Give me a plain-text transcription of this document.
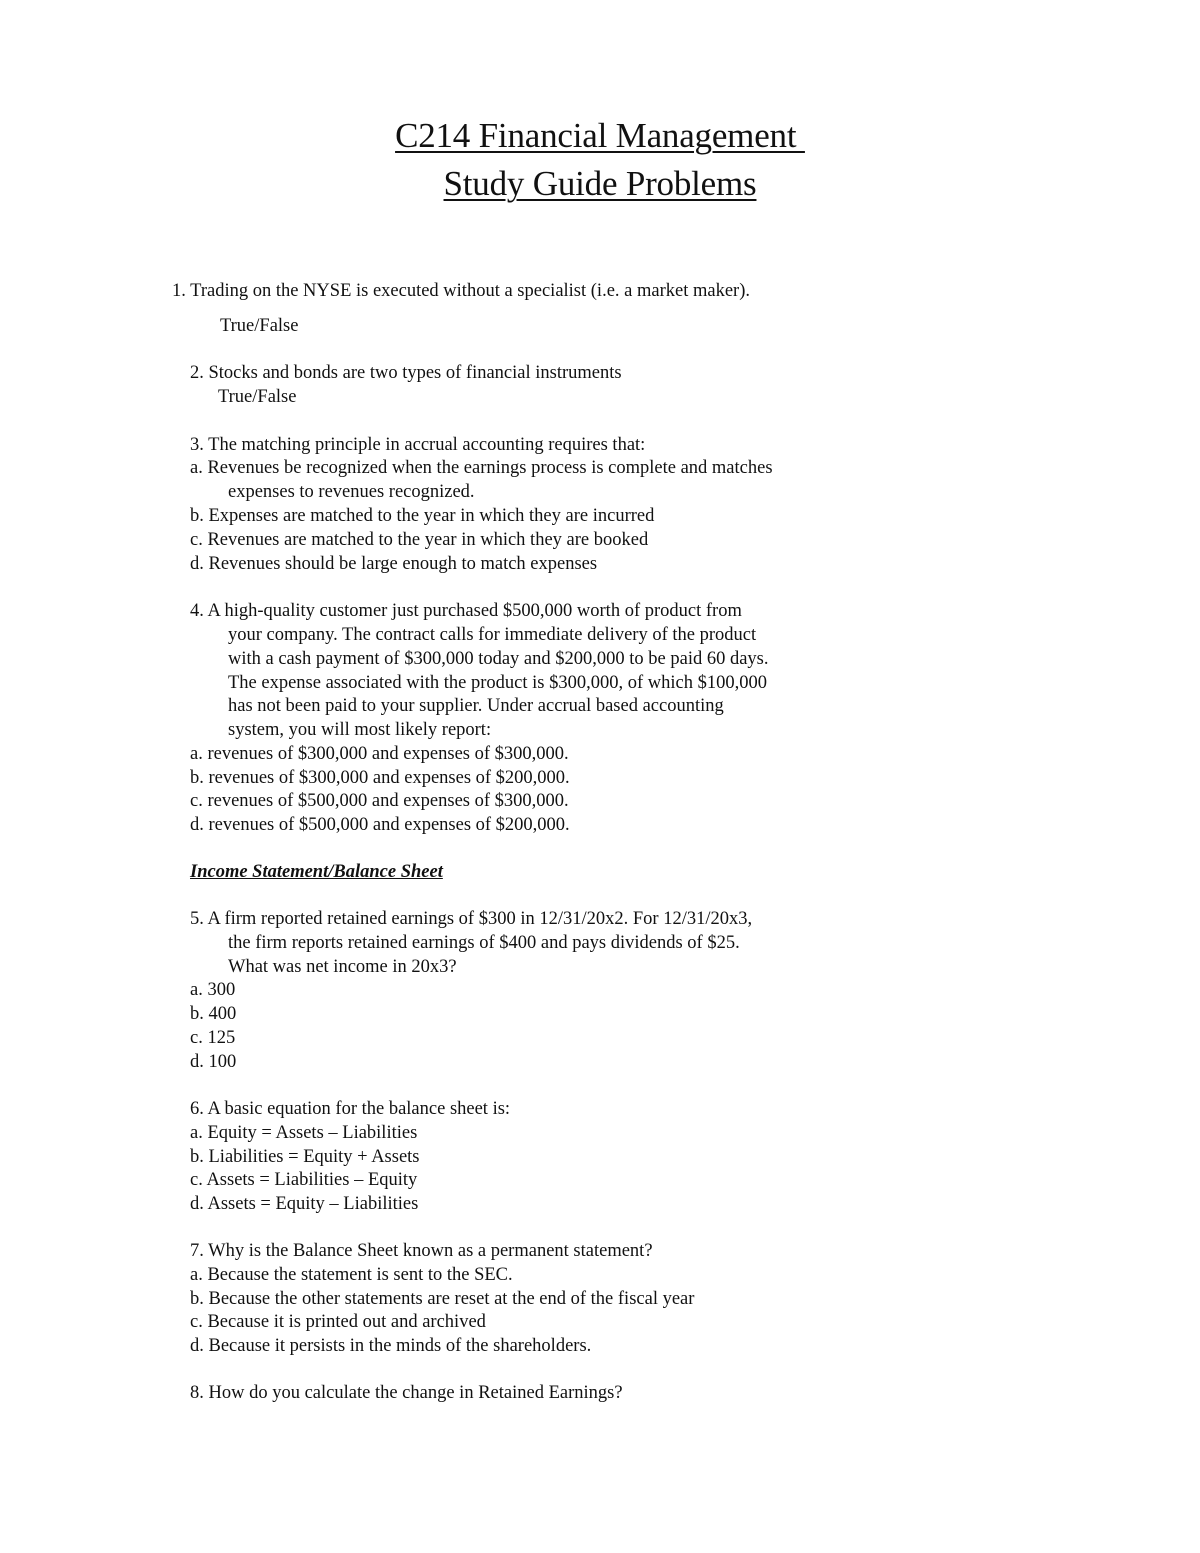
C214 Financial Management
Study Guide Problems
1. Trading on the NYSE is executed without a specialist (i.e. a market maker).
True/False
2. Stocks and bonds are two types of financial instruments
True/False
3. The matching principle in accrual accounting requires that:
a. Revenues be recognized when the earnings process is complete and matches
expenses to revenues recognized.
b. Expenses are matched to the year in which they are incurred
c. Revenues are matched to the year in which they are booked
d. Revenues should be large enough to match expenses
4. A high-quality customer just purchased $500,000 worth of product from
your company. The contract calls for immediate delivery of the product
with a cash payment of $300,000 today and $200,000 to be paid 60 days.
The expense associated with the product is $300,000, of which $100,000
has not been paid to your supplier. Under accrual based accounting
system, you will most likely report:
a. revenues of $300,000 and expenses of $300,000.
b. revenues of $300,000 and expenses of $200,000.
c. revenues of $500,000 and expenses of $300,000.
d. revenues of $500,000 and expenses of $200,000.
Income Statement/Balance Sheet
5. A firm reported retained earnings of $300 in 12/31/20x2. For 12/31/20x3,
the firm reports retained earnings of $400 and pays dividends of $25.
What was net income in 20x3?
a. 300
b. 400
c. 125
d. 100
6. A basic equation for the balance sheet is:
a. Equity = Assets – Liabilities
b. Liabilities = Equity + Assets
c. Assets = Liabilities – Equity
d. Assets = Equity – Liabilities
7. Why is the Balance Sheet known as a permanent statement?
a. Because the statement is sent to the SEC.
b. Because the other statements are reset at the end of the fiscal year
c. Because it is printed out and archived
d. Because it persists in the minds of the shareholders.
8. How do you calculate the change in Retained Earnings?
